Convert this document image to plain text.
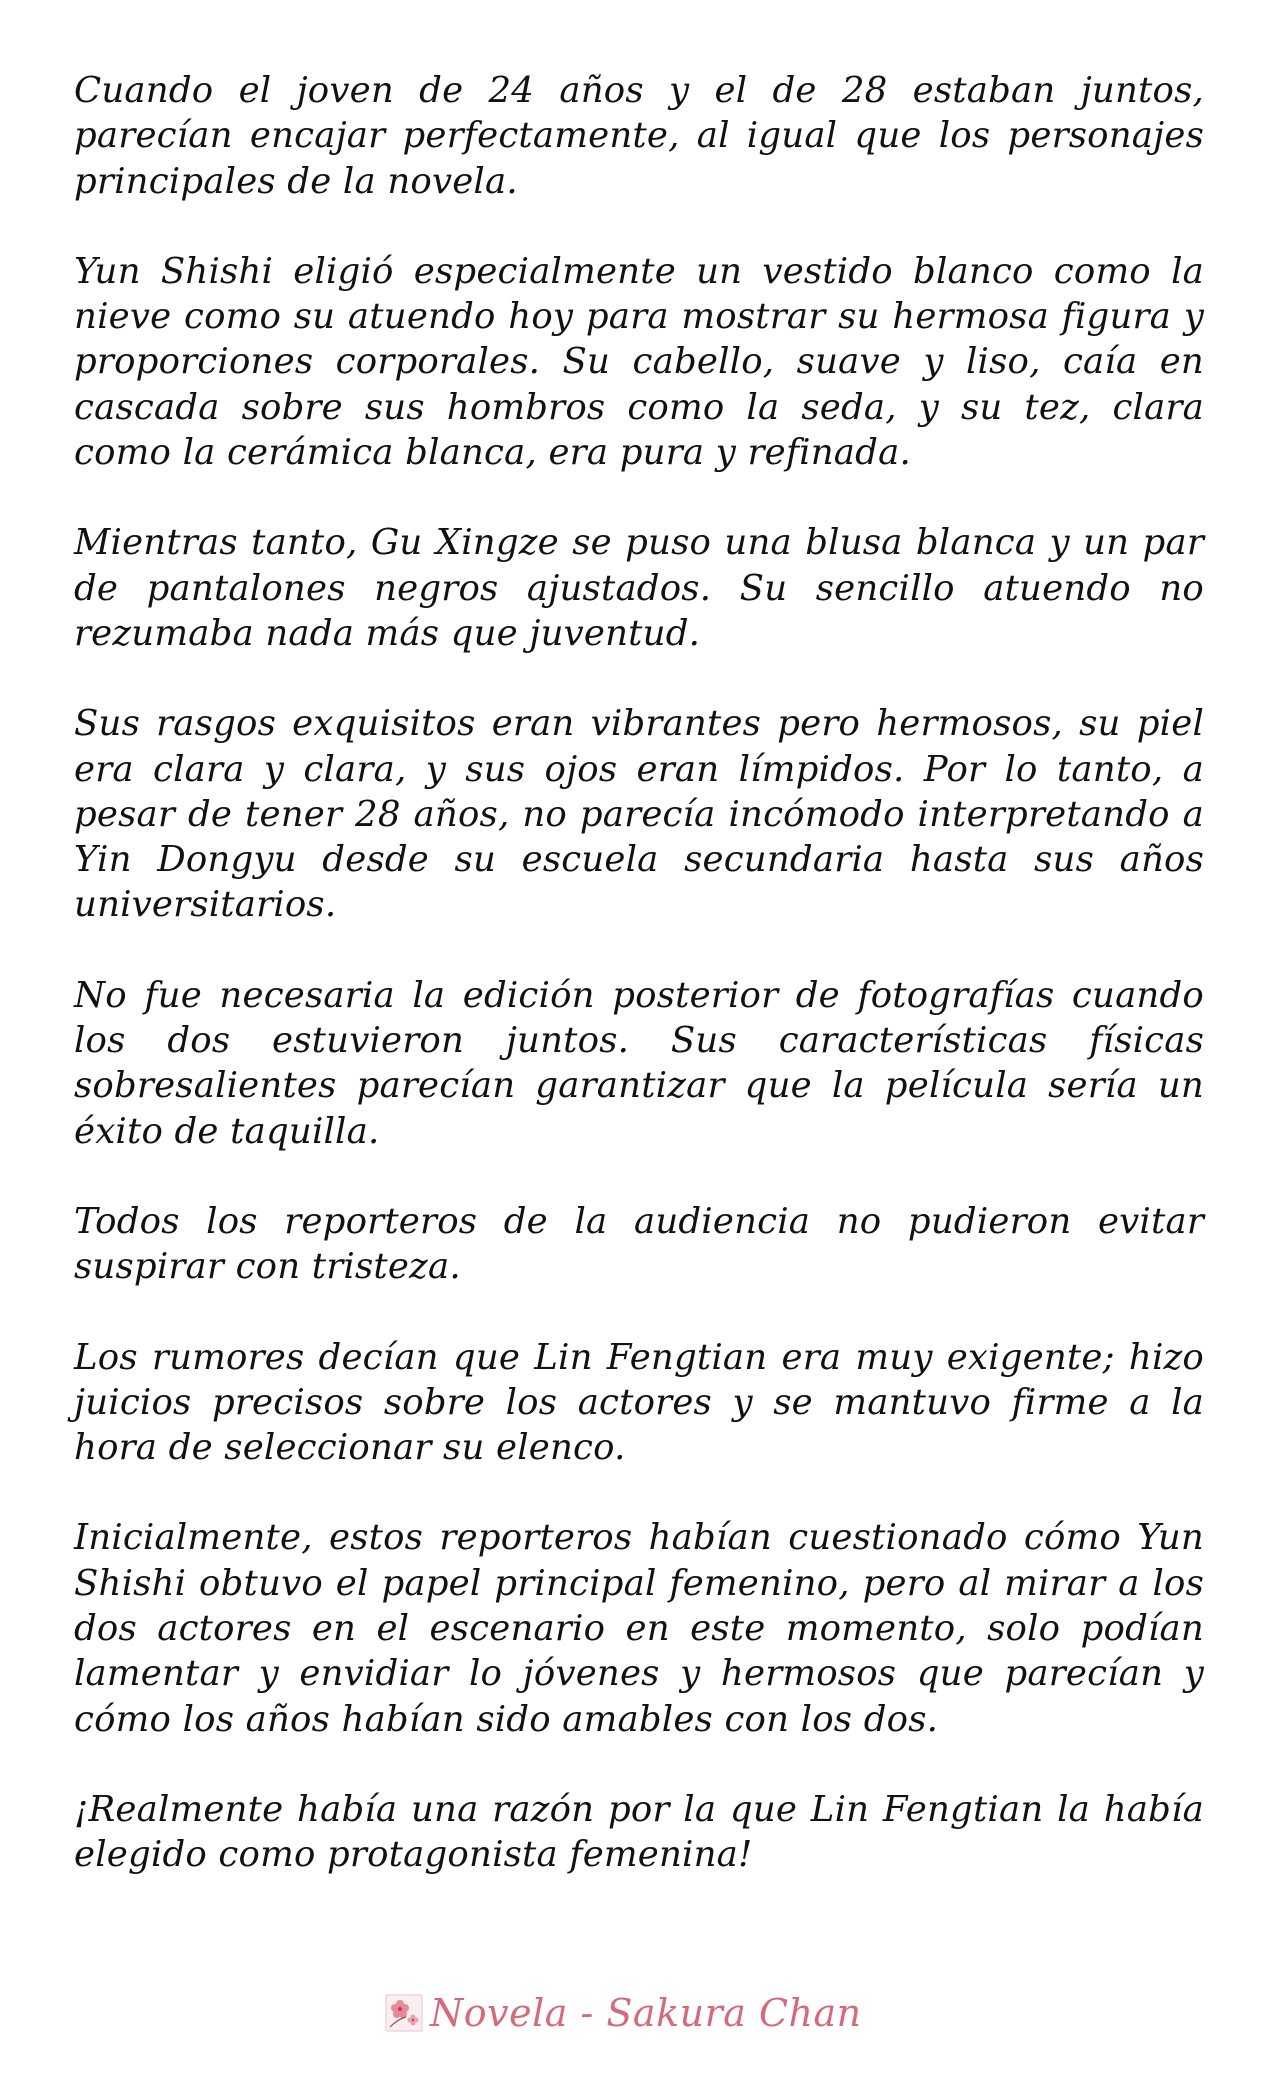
Cuando el joven de 24 años y el de 28 estaban juntos, parecían encajar perfectamente, al igual que los personajes principales de la novela.

Yun Shishi eligió especialmente un vestido blanco como la nieve como su atuendo hoy para mostrar su hermosa figura y proporciones corporales. Su cabello, suave y liso, caía en cascada sobre sus hombros como la seda, y su tez, clara como la cerámica blanca, era pura y refinada.

Mientras tanto, Gu Xingze se puso una blusa blanca y un par de pantalones negros ajustados. Su sencillo atuendo no rezumaba nada más que juventud.

Sus rasgos exquisitos eran vibrantes pero hermosos, su piel era clara y clara, y sus ojos eran límpidos. Por lo tanto, a pesar de tener 28 años, no parecía incómodo interpretando a Yin Dongyu desde su escuela secundaria hasta sus años universitarios.

No fue necesaria la edición posterior de fotografías cuando los dos estuvieron juntos. Sus características físicas sobresalientes parecían garantizar que la película sería un éxito de taquilla.

Todos los reporteros de la audiencia no pudieron evitar suspirar con tristeza.

Los rumores decían que Lin Fengtian era muy exigente; hizo juicios precisos sobre los actores y se mantuvo firme a la hora de seleccionar su elenco.

Inicialmente, estos reporteros habían cuestionado cómo Yun Shishi obtuvo el papel principal femenino, pero al mirar a los dos actores en el escenario en este momento, solo podían lamentar y envidiar lo jóvenes y hermosos que parecían y cómo los años habían sido amables con los dos.

¡Realmente había una razón por la que Lin Fengtian la había elegido como protagonista femenina!

Novela - Sakura Chan
